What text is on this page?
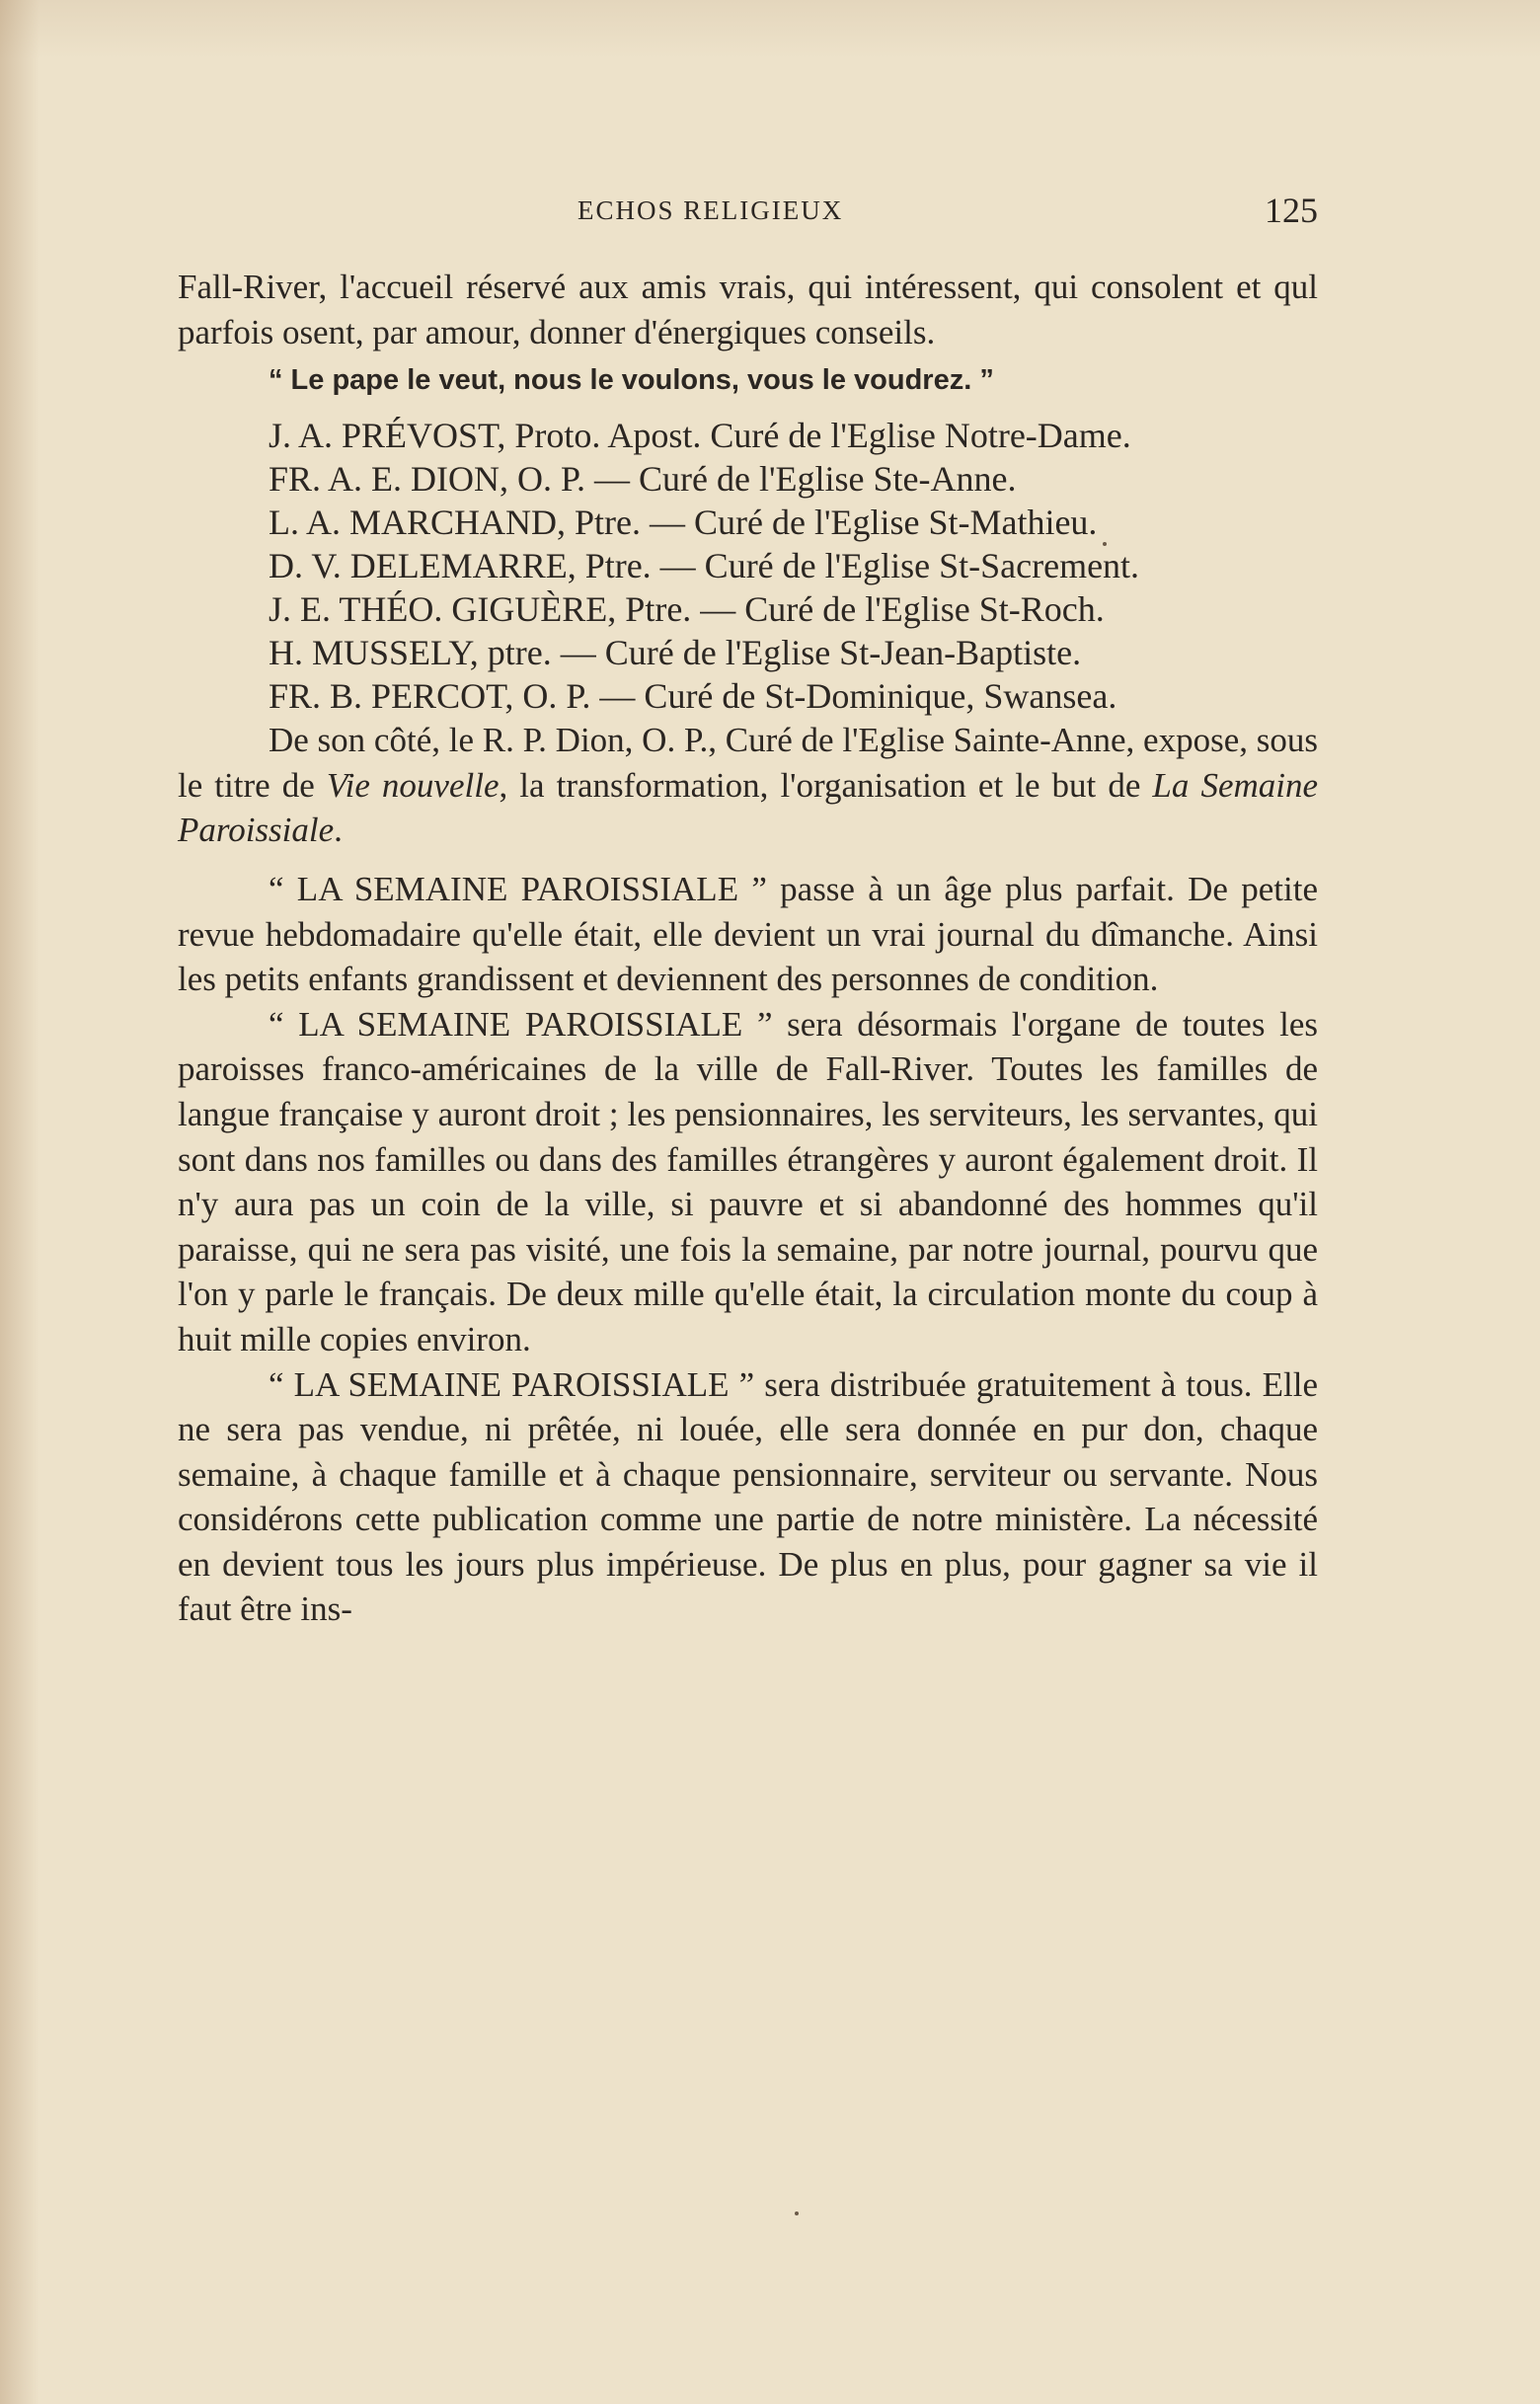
ECHOS RELIGIEUX	125

Fall-River, l'accueil réservé aux amis vrais, qui intéressent, qui consolent et qul parfois osent, par amour, donner d'énergiques conseils.

“ Le pape le veut, nous le voulons, vous le voudrez. ”

J. A. PRÉVOST, Proto. Apost. Curé de l'Eglise Notre-Dame.

FR. A. E. DION, O. P. — Curé de l'Eglise Ste-Anne.

L. A. MARCHAND, Ptre. — Curé de l'Eglise St-Mathieu.

D. V. DELEMARRE, Ptre. — Curé de l'Eglise St-Sacrement.

J. E. THÉO. GIGUÈRE, Ptre. — Curé de l'Eglise St-Roch.

H. MUSSELY, ptre. — Curé de l'Eglise St-Jean-Baptiste.

FR. B. PERCOT, O. P. — Curé de St-Dominique, Swansea.

De son côté, le R. P. Dion, O. P., Curé de l'Eglise Sainte-Anne, expose, sous le titre de Vie nouvelle, la transformation, l'organisation et le but de La Semaine Paroissiale.

“ LA SEMAINE PAROISSIALE ” passe à un âge plus parfait. De petite revue hebdomadaire qu'elle était, elle devient un vrai journal du dîmanche. Ainsi les petits enfants grandissent et deviennent des personnes de condition.

“ LA SEMAINE PAROISSIALE ” sera désormais l'organe de toutes les paroisses franco-américaines de la ville de Fall-River. Toutes les familles de langue française y auront droit ; les pensionnaires, les serviteurs, les servantes, qui sont dans nos familles ou dans des familles étrangères y auront également droit. Il n'y aura pas un coin de la ville, si pauvre et si abandonné des hommes qu'il paraisse, qui ne sera pas visité, une fois la semaine, par notre journal, pourvu que l'on y parle le français. De deux mille qu'elle était, la circulation monte du coup à huit mille copies environ.

“ LA SEMAINE PAROISSIALE ” sera distribuée gratuitement à tous. Elle ne sera pas vendue, ni prêtée, ni louée, elle sera donnée en pur don, chaque semaine, à chaque famille et à chaque pensionnaire, serviteur ou servante. Nous considérons cette publication comme une partie de notre ministère. La nécessité en devient tous les jours plus impérieuse. De plus en plus, pour gagner sa vie il faut être ins-
